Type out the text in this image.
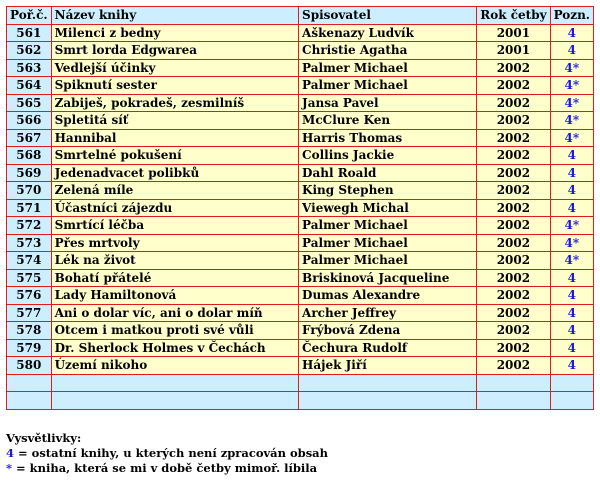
Poř.č.	Název knihy	Spisovatel	Rok četby	Pozn.
561	Milenci z bedny	Aškenazy Ludvík	2001	4
562	Smrt lorda Edgwarea	Christie Agatha	2001	4
563	Vedlejší účinky	Palmer Michael	2002	4*
564	Spiknutí sester	Palmer Michael	2002	4*
565	Zabiješ, pokradeš, zesmilníš	Jansa Pavel	2002	4*
566	Spletitá síť	McClure Ken	2002	4*
567	Hannibal	Harris Thomas	2002	4*
568	Smrtelné pokušení	Collins Jackie	2002	4
569	Jedenadvacet polibků	Dahl Roald	2002	4
570	Zelená míle	King Stephen	2002	4
571	Účastníci zájezdu	Viewegh Michal	2002	4
572	Smrtící léčba	Palmer Michael	2002	4*
573	Přes mrtvoly	Palmer Michael	2002	4*
574	Lék na život	Palmer Michael	2002	4*
575	Bohatí přátelé	Briskinová Jacqueline	2002	4
576	Lady Hamiltonová	Dumas Alexandre	2002	4
577	Ani o dolar víc, ani o dolar míň	Archer Jeffrey	2002	4
578	Otcem i matkou proti své vůli	Frýbová Zdena	2002	4
579	Dr. Sherlock Holmes v Čechách	Čechura Rudolf	2002	4
580	Území nikoho	Hájek Jiří	2002	4

Vysvětlivky:
4 = ostatní knihy, u kterých není zpracován obsah
* = kniha, která se mi v době četby mimoř. líbila
